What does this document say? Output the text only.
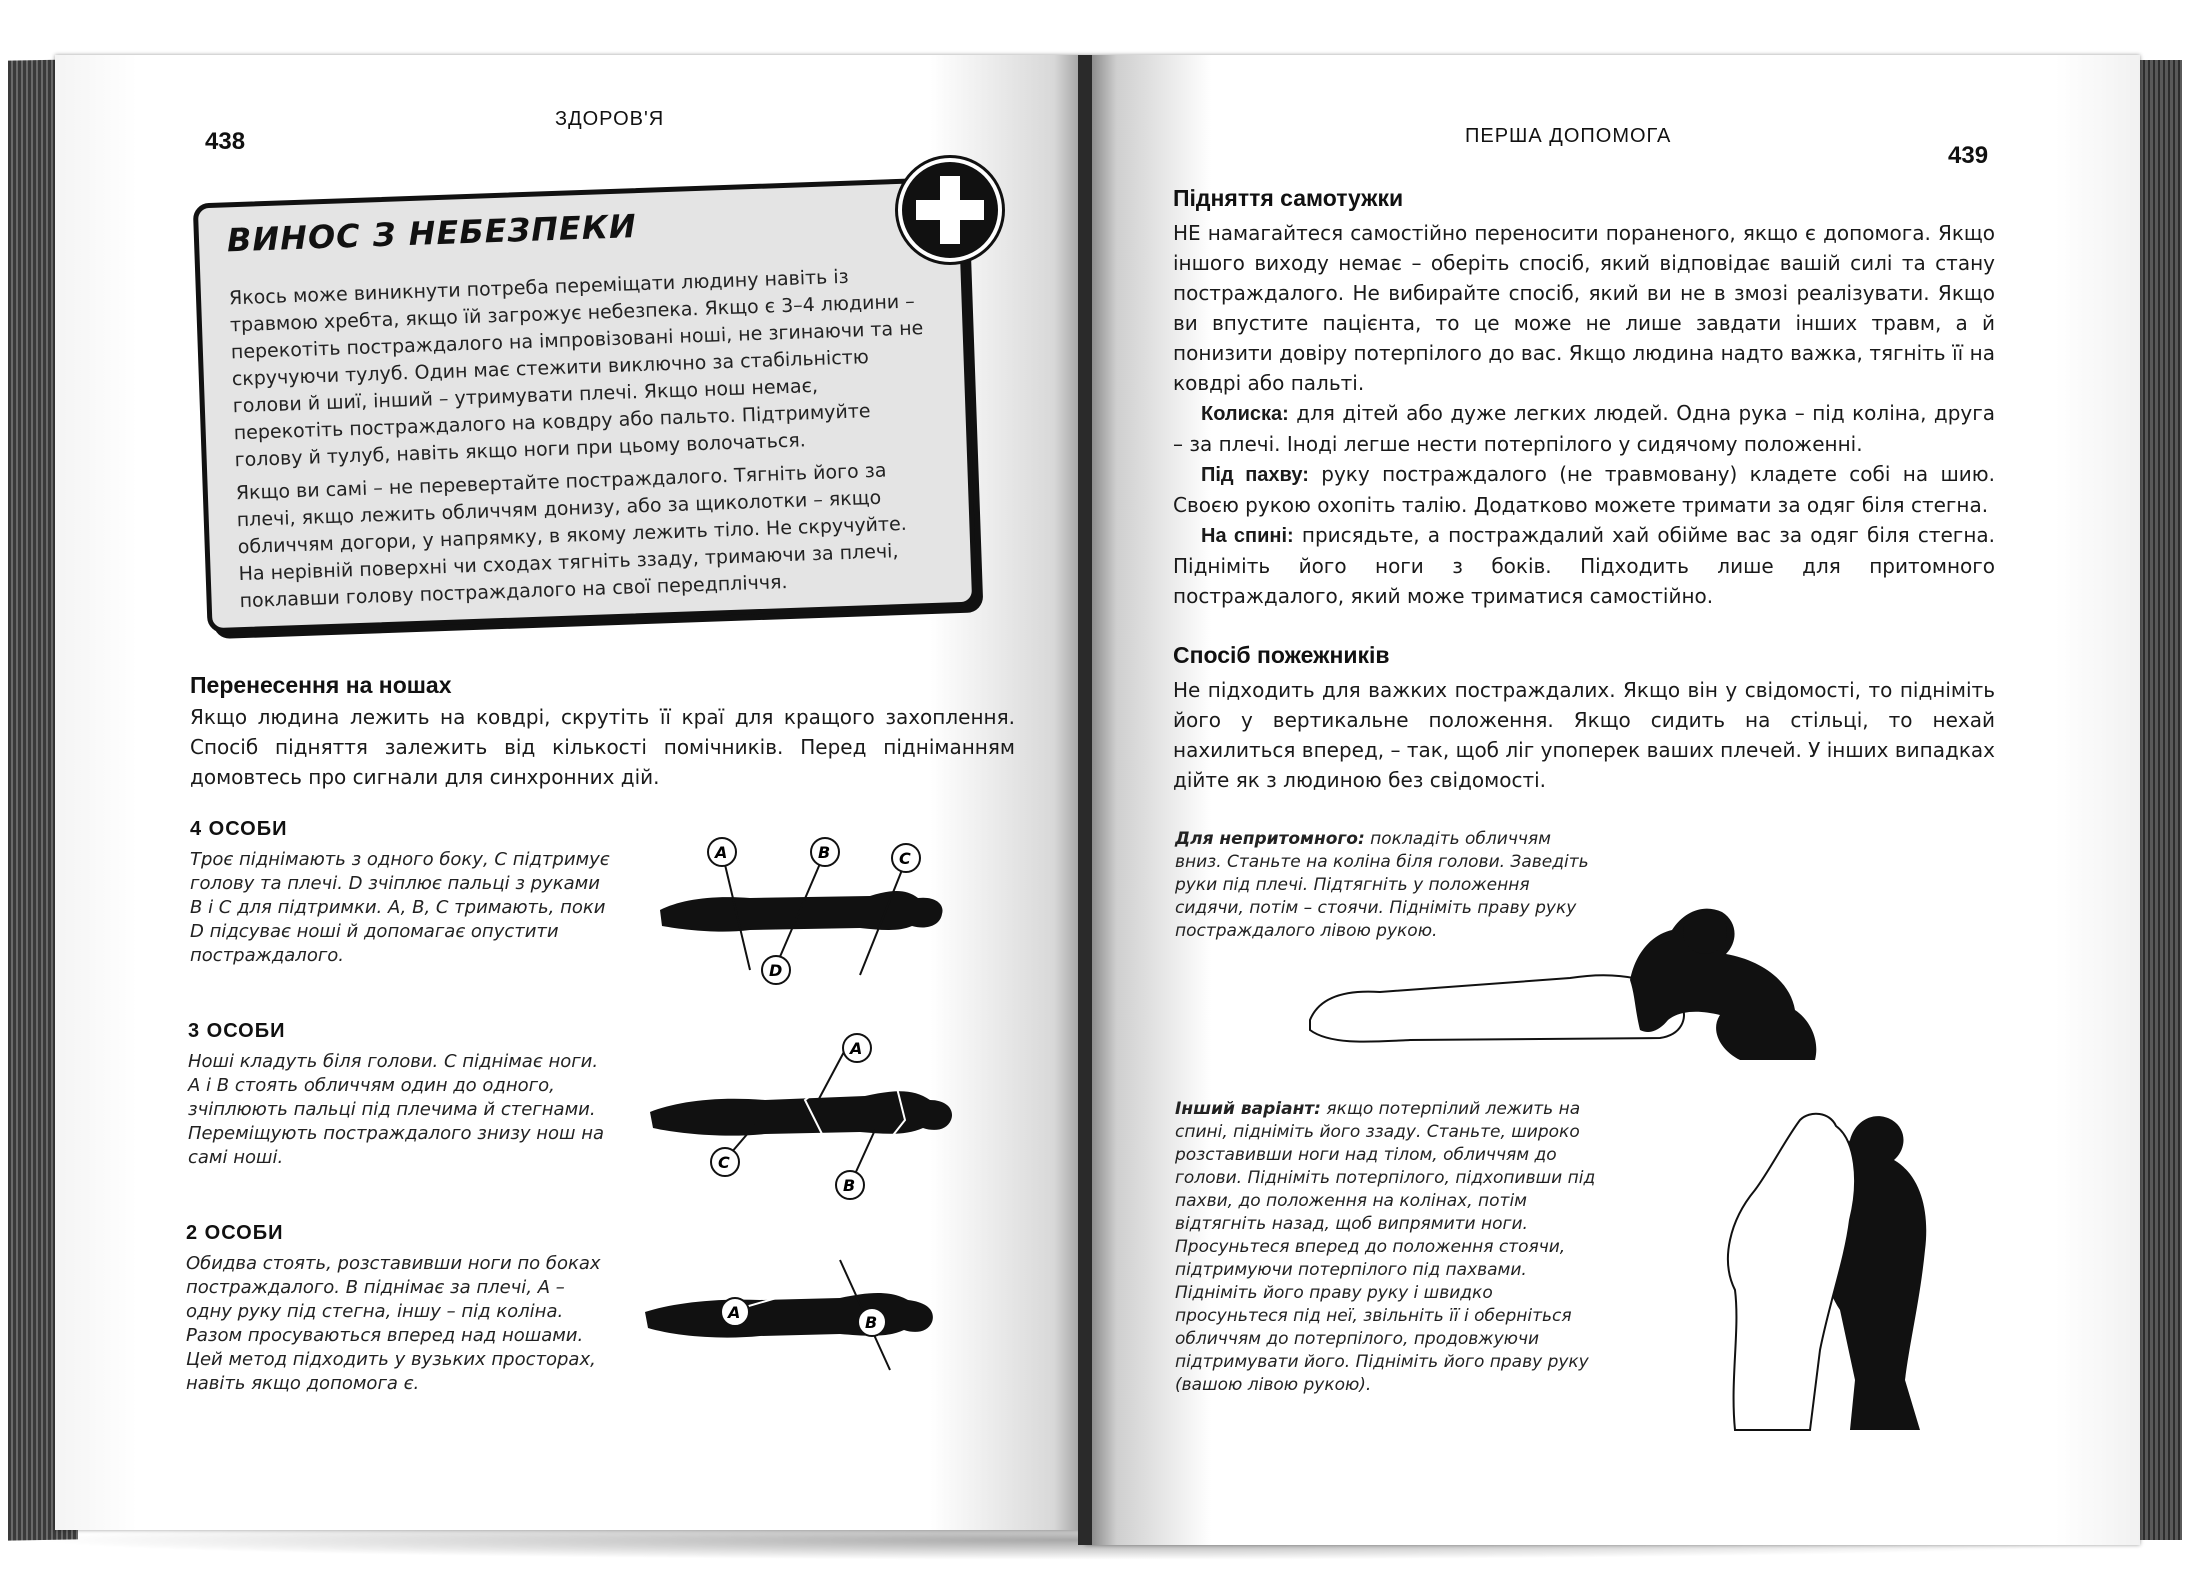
438
ЗДОРОВ'Я
ВИНОС З НЕБЕЗПЕКИ

Якось може виникнути потреба переміщати людину навіть із травмою хребта, якщо їй загрожує небезпека. Якщо є 3–4 людини – перекотіть постраждалого на імпровізовані ноші, не згинаючи та не скручуючи тулуб. Один має стежити виключно за стабільністю голови й шиї, інший – утримувати плечі. Якщо нош немає, перекотіть постраждалого на ковдру або пальто. Підтримуйте голову й тулуб, навіть якщо ноги при цьому волочаться.

Якщо ви самі – не перевертайте постраждалого. Тягніть його за плечі, якщо лежить обличчям донизу, або за щиколотки – якщо обличчям догори, у напрямку, в якому лежить тіло. Не скручуйте. На нерівній поверхні чи сходах тягніть ззаду, тримаючи за плечі, поклавши голову постраждалого на свої передпліччя.

Перенесення на ношах

Якщо людина лежить на ковдрі, скрутіть її краї для кращого захоплення. Спосіб підняття залежить від кількості помічників. Перед підніманням домовтесь про сигнали для синхронних дій.

4 ОСОБИ
Троє піднімають з одного боку, C підтримує голову та плечі. D зчіплює пальці з руками B і C для підтримки. A, B, C тримають, поки D підсуває ноші й допомагає опустити постраждалого.
3 ОСОБИ
Ноші кладуть біля голови. C піднімає ноги. A і B стоять обличчям один до одного, зчіплюють пальці під плечима й стегнами. Переміщують постраждалого знизу нош на самі ноші.
2 ОСОБИ
Обидва стоять, розставивши ноги по боках постраждалого. B піднімає за плечі, A – одну руку під стегна, іншу – під коліна. Разом просуваються вперед над ношами. Цей метод підходить у вузьких просторах, навіть якщо допомога є.
A	B	C
D
A
C
B
A
B
ПЕРША ДОПОМОГА
439
Підняття самотужки

НЕ намагайтеся самостійно переносити пораненого, якщо є допомога. Якщо іншого виходу немає – оберіть спосіб, який відповідає вашій силі та стану постраждалого. Не вибирайте спосіб, який ви не в змозі реалізувати. Якщо ви впустите пацієнта, то це може не лише завдати інших травм, а й понизити довіру потерпілого до вас. Якщо людина надто важка, тягніть її на ковдрі або пальті.

Колиска: для дітей або дуже легких людей. Одна рука – під коліна, друга – за плечі. Іноді легше нести потерпілого у сидячому положенні.

Під пахву: руку постраждалого (не травмовану) кладете собі на шию. Своєю рукою охопіть талію. Додатково можете тримати за одяг біля стегна.

На спині: присядьте, а постраждалий хай обійме вас за одяг біля стегна. Підніміть його ноги з боків. Підходить лише для притомного постраждалого, який може триматися самостійно.

Спосіб пожежників

Не підходить для важких постраждалих. Якщо він у свідомості, то підніміть його у вертикальне положення. Якщо сидить на стільці, то нехай нахилиться вперед, – так, щоб ліг упоперек ваших плечей. У інших випадках дійте як з людиною без свідомості.

Для непритомного: покладіть обличчям вниз. Станьте на коліна біля голови. Заведіть руки під плечі. Підтягніть у положення сидячи, потім – стоячи. Підніміть праву руку постраждалого лівою рукою.
Інший варіант: якщо потерпілий лежить на спині, підніміть його ззаду. Станьте, широко розставивши ноги над тілом, обличчям до голови. Підніміть потерпілого, підхопивши під пахви, до положення на колінах, потім відтягніть назад, щоб випрямити ноги. Просуньтеся вперед до положення стоячи, підтримуючи потерпілого під пахвами. Підніміть його праву руку і швидко просуньтеся під неї, звільніть її і оберніться обличчям до потерпілого, продовжуючи підтримувати його. Підніміть його праву руку (вашою лівою рукою).
